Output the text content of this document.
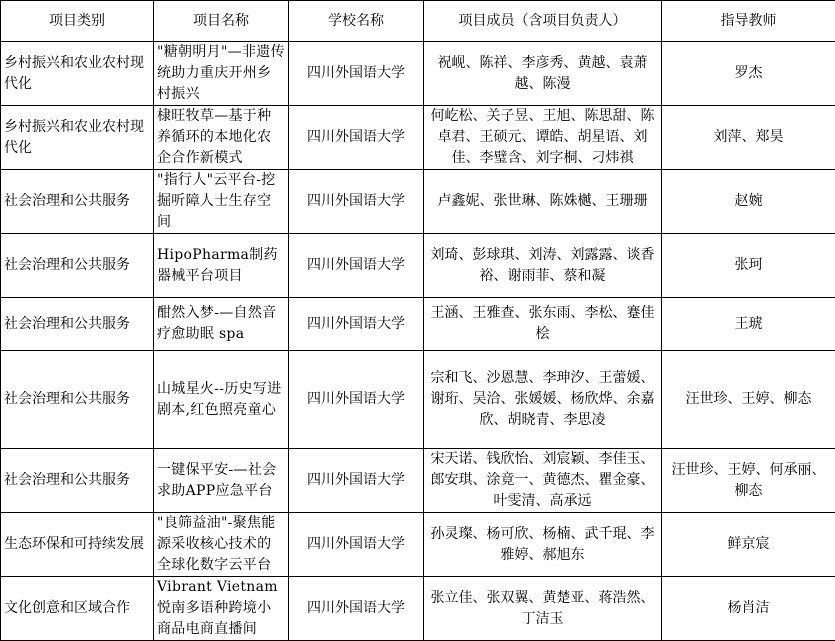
项目类别	项目名称	学校名称	项目成员（含项目负责人）	指导教师
乡村振兴和农业农村现代化	"糖朝明月"—非遗传统助力重庆开州乡村振兴	四川外国语大学	祝岘、陈祥、李彦秀、黄越、袁萧越、陈漫	罗杰
乡村振兴和农业农村现代化	棣旺牧草—基于种养循环的本地化农企合作新模式	四川外国语大学	何屹松、关子昱、王旭、陈思甜、陈卓君、王硕元、谭皓、胡星语、刘佳、李璧含、刘字桐、刁炜祺	刘萍、郑昊
社会治理和公共服务	"指行人"云平台-挖掘听障人士生存空间	四川外国语大学	卢鑫妮、张世琳、陈姝樾、王珊珊	赵婉
社会治理和公共服务	HipoPharma制药器械平台项目	四川外国语大学	刘琦、彭球琪、刘涛、刘露露、谈香裕、谢雨菲、蔡和凝	张珂
社会治理和公共服务	酣然入梦-—自然音疗愈助眠 spa	四川外国语大学	王涵、王雅查、张东雨、李松、蹇佳桧	王琥
社会治理和公共服务	山城星火--历史写进剧本,红色照亮童心	四川外国语大学	宗和飞、沙恩慧、李珅汐、王蕾媛、谢珩、吴洽、张媛媛、杨欣烨、余嘉欣、胡晓青、李思凌	汪世珍、王婷、柳态
社会治理和公共服务	一键保平安-—社会求助APP应急平台	四川外国语大学	宋天诺、钱欣怡、刘宸颖、李佳玉、郎安琪、涂竟一、黄德杰、瞿金豪、叶雯清、高承远	汪世珍、王婷、何承丽、柳态
生态环保和可持续发展	"良筛益油"-聚焦能源采收核心技术的全球化数字云平台	四川外国语大学	孙灵璨、杨可欣、杨楠、武千琨、李雅婷、郝旭东	鲜京宸
文化创意和区域合作	Vibrant Vietnam悦南多语种跨境小商品电商直播间	四川外国语大学	张立佳、张双翼、黄楚亚、蒋浩然、丁洁玉	杨肖洁
